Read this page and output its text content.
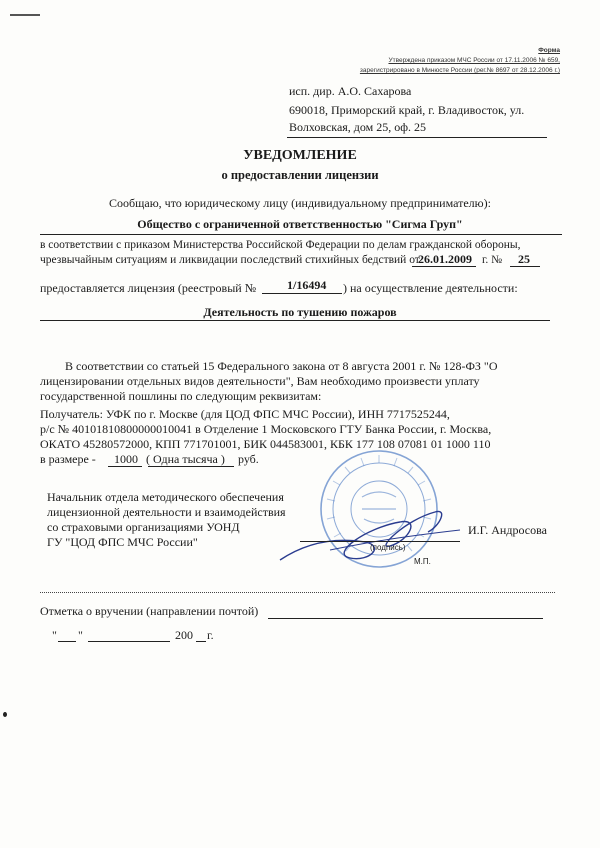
Форма
Утверждена приказом МЧС России от 17.11.2006 № 659,
зарегистрировано в Минюсте России (рег.№ 8697 от 28.12.2006 г.)
исп. дир. А.О. Сахарова
690018, Приморский край, г. Владивосток, ул.
Волховская, дом 25, оф. 25
УВЕДОМЛЕНИЕ
о предоставлении лицензии
Сообщаю, что юридическому лицу (индивидуальному предпринимателю):
Общество с ограниченной ответственностью "Сигма Груп"
в соответствии с приказом Министерства Российской Федерации по делам гражданской обороны,
чрезвычайным ситуациям и ликвидации последствий стихийных бедствий от
26.01.2009 г. № 25
предоставляется лицензия (реестровый №	1/16494 ) на осуществление деятельности:
Деятельность по тушению пожаров
В соответствии со статьей 15 Федерального закона от 8 августа 2001 г. № 128-ФЗ "О
лицензировании отдельных видов деятельности", Вам необходимо произвести уплату
государственной пошлины по следующим реквизитам:
Получатель: УФК по г. Москве (для ЦОД ФПС МЧС России), ИНН 7717525244,
р/с № 40101810800000010041 в Отделение 1 Московского ГТУ Банка России, г. Москва,
ОКАТО 45280572000, КПП 771701001, БИК 044583001, КБК 177 108 07081 01 1000 110
в размере - 1000 ( Одна тысяча ) руб.
Начальник отдела методического обеспечения
лицензионной деятельности и взаимодействия
со страховыми организациями УОНД
ГУ "ЦОД ФПС МЧС России"	(подпись)
М.П.
И.Г. Андросова
Отметка о вручении (направлении почтой)
" "	200 г.
